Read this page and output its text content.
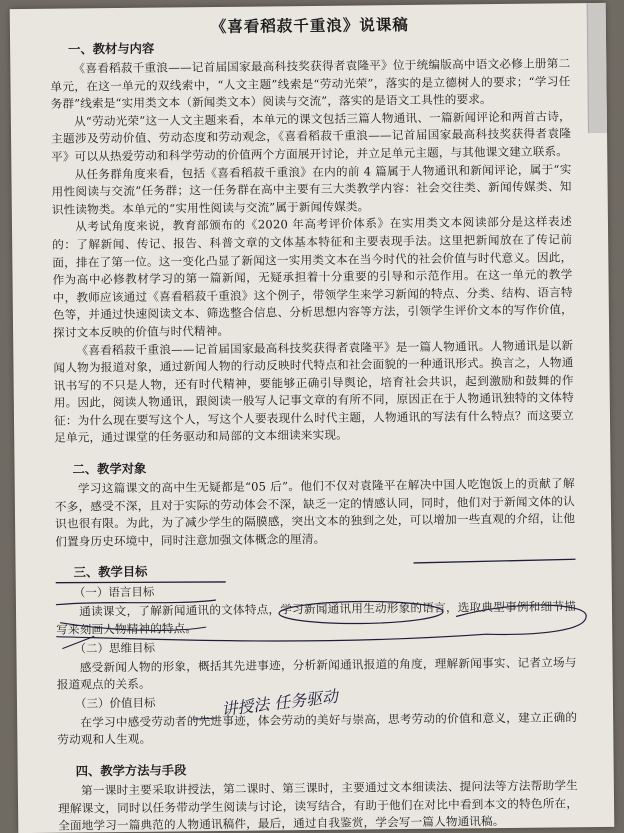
《喜看稻菽千重浪》说课稿
一、教材与内容

《喜看稻菽千重浪——记首届国家最高科技奖获得者袁隆平》位于统编版高中语文必修上册第二单元，在这一单元的双线索中，“人文主题”线索是“劳动光荣”，落实的是立德树人的要求；“学习任务群”线索是“实用类文本（新闻类文本）阅读与交流”，落实的是语文工具性的要求。

从“劳动光荣”这一人文主题来看，本单元的课文包括三篇人物通讯、一篇新闻评论和两首古诗，主题涉及劳动价值、劳动态度和劳动观念，《喜看稻菽千重浪——记首届国家最高科技奖获得者袁隆平》可以从热爱劳动和科学劳动的价值两个方面展开讨论，并立足单元主题，与其他课文建立联系。

从任务群角度来看，包括《喜看稻菽千重浪》在内的前 4 篇属于人物通讯和新闻评论，属于“实用性阅读与交流”任务群；这一任务群在高中主要有三大类教学内容：社会交往类、新闻传媒类、知识性读物类。本单元的“实用性阅读与交流”属于新闻传媒类。

从考试角度来说，教育部颁布的《2020 年高考评价体系》在实用类文本阅读部分是这样表述的：了解新闻、传记、报告、科普文章的文体基本特征和主要表现手法。这里把新闻放在了传记前面，排在了第一位。这一变化凸显了新闻这一实用类文本在当今时代的社会价值与时代意义。因此，作为高中必修教材学习的第一篇新闻，无疑承担着十分重要的引导和示范作用。在这一单元的教学中，教师应该通过《喜看稻菽千重浪》这个例子，带领学生来学习新闻的特点、分类、结构、语言特色等，并通过快速阅读文本、筛选整合信息、分析思想内容等方法，引领学生评价文本的写作价值，探讨文本反映的价值与时代精神。

《喜看稻菽千重浪——记首届国家最高科技奖获得者袁隆平》是一篇人物通讯。人物通讯是以新闻人物为报道对象，通过新闻人物的行动反映时代特点和社会面貌的一种通讯形式。换言之，人物通讯书写的不只是人物，还有时代精神，要能够正确引导舆论，培育社会共识，起到激励和鼓舞的作用。因此，阅读人物通讯，跟阅读一般写人记事文章的有所不同，原因正在于人物通讯独特的文体特征：为什么现在要写这个人，写这个人要表现什么时代主题，人物通讯的写法有什么特点？而这要立足单元，通过课堂的任务驱动和局部的文本细读来实现。

二、教学对象

学习这篇课文的高中生无疑都是“05 后”。他们不仅对袁隆平在解决中国人吃饱饭上的贡献了解不多，感受不深，且对于实际的劳动体会不深，缺乏一定的情感认同，同时，他们对于新闻文体的认识也很有限。为此，为了减少学生的隔膜感，突出文本的独到之处，可以增加一些直观的介绍，让他们置身历史环境中，同时注意加强文体概念的厘清。

三、教学目标
（一）语言目标

通读课文，了解新闻通讯的文体特点，学习新闻通讯用生动形象的语言，选取典型事例和细节描写来刻画人物精神的特点。

（二）思维目标

感受新闻人物的形象，概括其先进事迹，分析新闻通讯报道的角度，理解新闻事实、记者立场与报道观点的关系。

（三）价值目标

在学习中感受劳动者的先进事迹，体会劳动的美好与崇高，思考劳动的价值和意义，建立正确的劳动观和人生观。

四、教学方法与手段

第一课时主要采取讲授法，第二课时、第三课时，主要通过文本细读法、提问法等方法帮助学生理解课文，同时以任务带动学生阅读与讨论，读写结合，有助于他们在对比中看到本文的特色所在，全面地学习一篇典范的人物通讯稿件，最后，通过自我鉴赏，学会写一篇人物通讯稿。

讲授法 任务驱动
